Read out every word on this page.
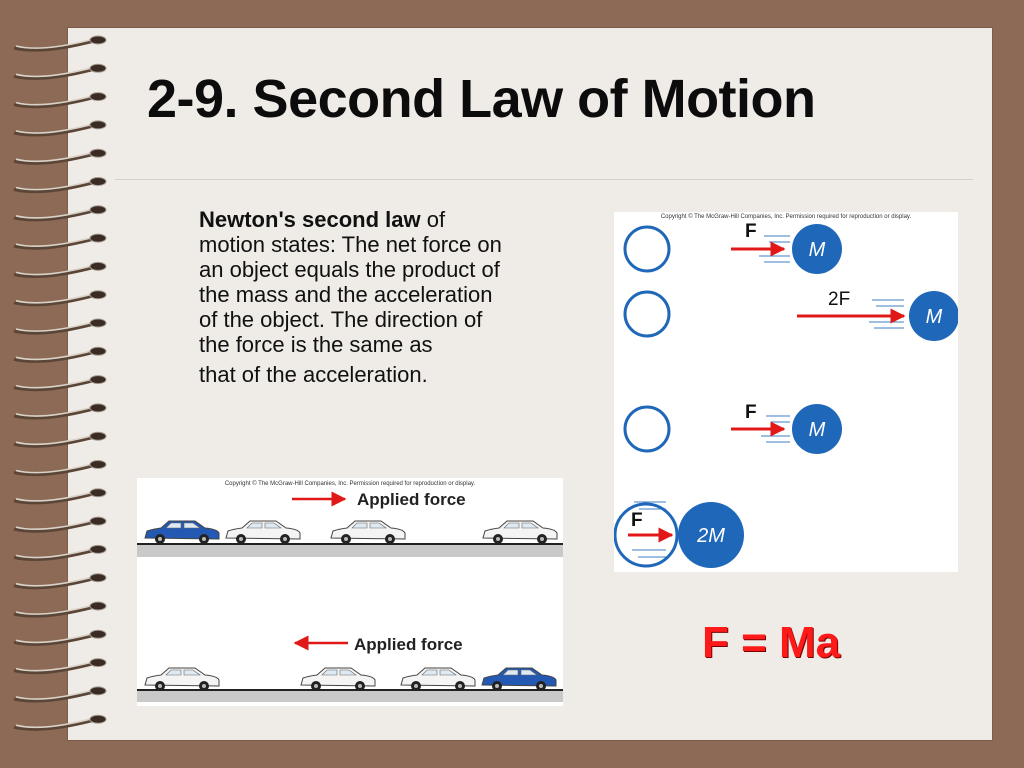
2-9. Second Law of Motion
Newton's second law of motion states: The net force on an object equals the product of the mass and the acceleration of the object. The direction of the force is the same as
that of the acceleration.
Copyright © The McGraw-Hill Companies, Inc. Permission required for reproduction or display.
Applied force
Applied force
Copyright © The McGraw-Hill Companies, Inc. Permission required for reproduction or display.
F
M
2F
M
F
M
F
2M
F = Ma
